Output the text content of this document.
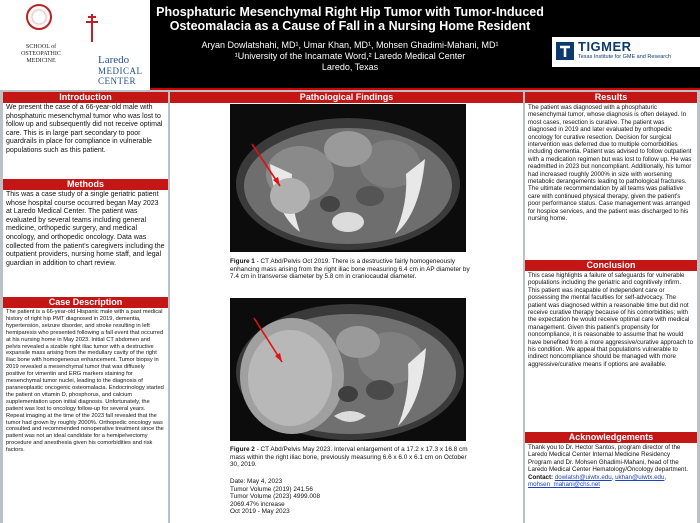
SCHOOL of
OSTEOPATHIC
MEDICINE	Laredo
MEDICAL CENTER
Phosphaturic Mesenchymal Right Hip Tumor with Tumor-Induced
Osteomalacia as a Cause of Fall in a Nursing Home Resident
Aryan Dowlatshahi, MD¹, Umar Khan, MD¹, Mohsen Ghadimi-Mahani, MD¹
¹University of the Incarnate Word,² Laredo Medical Center
Laredo, Texas
TIGMER
Texas Institute for GME and Research
Introduction
We present the case of a 66-year-old male with phosphaturic mesenchymal tumor who was lost to follow up and subsequently did not receive optimal care. This is in large part secondary to poor guardrails in place for compliance in vulnerable populations such as this patient.
Methods
This was a case study of a single geriatric patient whose hospital course occurred began May 2023 at Laredo Medical Center. The patient was evaluated by several teams including general medicine, orthopedic surgery, and medical oncology, and orthopedic oncology. Data was collected from the patient's caregivers including the outpatient providers, nursing home staff, and legal guardian in addition to chart review.
Case Description
The patient is a 66-year-old Hispanic male with a past medical history of right hip PMT diagnosed in 2019, dementia, hypertension, seizure disorder, and stroke resulting in left hemiparesis who presented following a fall event that occurred at his nursing home in May 2023. Initial CT abdomen and pelvis revealed a sizable right iliac tumor with a destructive expansile mass arising from the medullary cavity of the right iliac bone with homogeneous enhancement. Tumor biopsy in 2019 revealed a mesenchymal tumor that was diffusely positive for vimentin and ERG markers staining for mesenchymal tumor nuclei, leading to the diagnosis of paraneoplastic oncogenic osteomalacia. Endocrinology started the patient on vitamin D, phosphorus, and calcium supplementation upon initial diagnosis. Unfortunately, the patient was lost to oncology follow-up for several years. Repeat imaging at the time of the 2023 fall revealed that the tumor had grown by roughly 2000%. Orthopedic oncology was consulted and recommended nonoperative treatment since the patient was not an ideal candidate for a hemipelvectomy procedure and anesthesia given his comorbidities and risk factors.
Pathological Findings
Figure 1 - CT Abd/Pelvis Oct 2019. There is a destructive fairly homogeneously enhancing mass arising from the right iliac bone measuring 6.4 cm in AP diameter by 7.4 cm in transverse diameter by 5.8 cm in craniocaudal diameter.
Figure 2 - CT Abd/Pelvis May 2023. Interval enlargement of a 17.2 x 17.3 x 16.8 cm mass within the right iliac bone, previously measuring 6.6 x 6.0 x 6.1 cm on October 30, 2019.
Date: May 4, 2023
Tumor Volume (2019) 241.56
Tumor Volume (2023) 4999.008
2069.47% increase
Oct 2019 - May 2023
Results
The patient was diagnosed with a phosphaturic mesenchymal tumor, whose diagnosis is often delayed. In most cases, resection is curative. The patient was diagnosed in 2019 and later evaluated by orthopedic oncology for curative resection. Decision for surgical intervention was deferred due to multiple comorbidities including dementia. Patient was advised to follow outpatient with a medication regimen but was lost to follow up. He was readmitted in 2023 but noncompliant. Additionally, his tumor had increased roughly 2000% in size with worsening metabolic derangements leading to pathological fractures. The ultimate recommendation by all teams was palliative care with continued physical therapy, given the patient's poor performance status. Case management was arranged for hospice services, and the patient was discharged to his nursing home.
Conclusion
This case highlights a failure of safeguards for vulnerable populations including the geriatric and cognitively infirm. This patient was incapable of independent care or possessing the mental faculties for self-advocacy. The patient was diagnosed within a reasonable time but did not receive curative therapy because of his comorbidities; with the expectation he would receive optimal care with medical management. Given this patient's propensity for noncompliance, it is reasonable to assume that he would have benefited from a more aggressive/curative approach to his condition. We appeal that populations vulnerable to indirect noncompliance should be managed with more aggressive/curative means if options are available.
Acknowledgements
Thank you to Dr. Hector Santos, program director of the Laredo Medical Center Internal Medicine Residency Program and Dr. Mohsen Ghadimi-Mahani, head of the Laredo Medical Center Hematology/Oncology department.
Contact: dowlatsh@uiwtx.edu, ukhan@uiwtx.edu, mohsen_mahani@chs.net
